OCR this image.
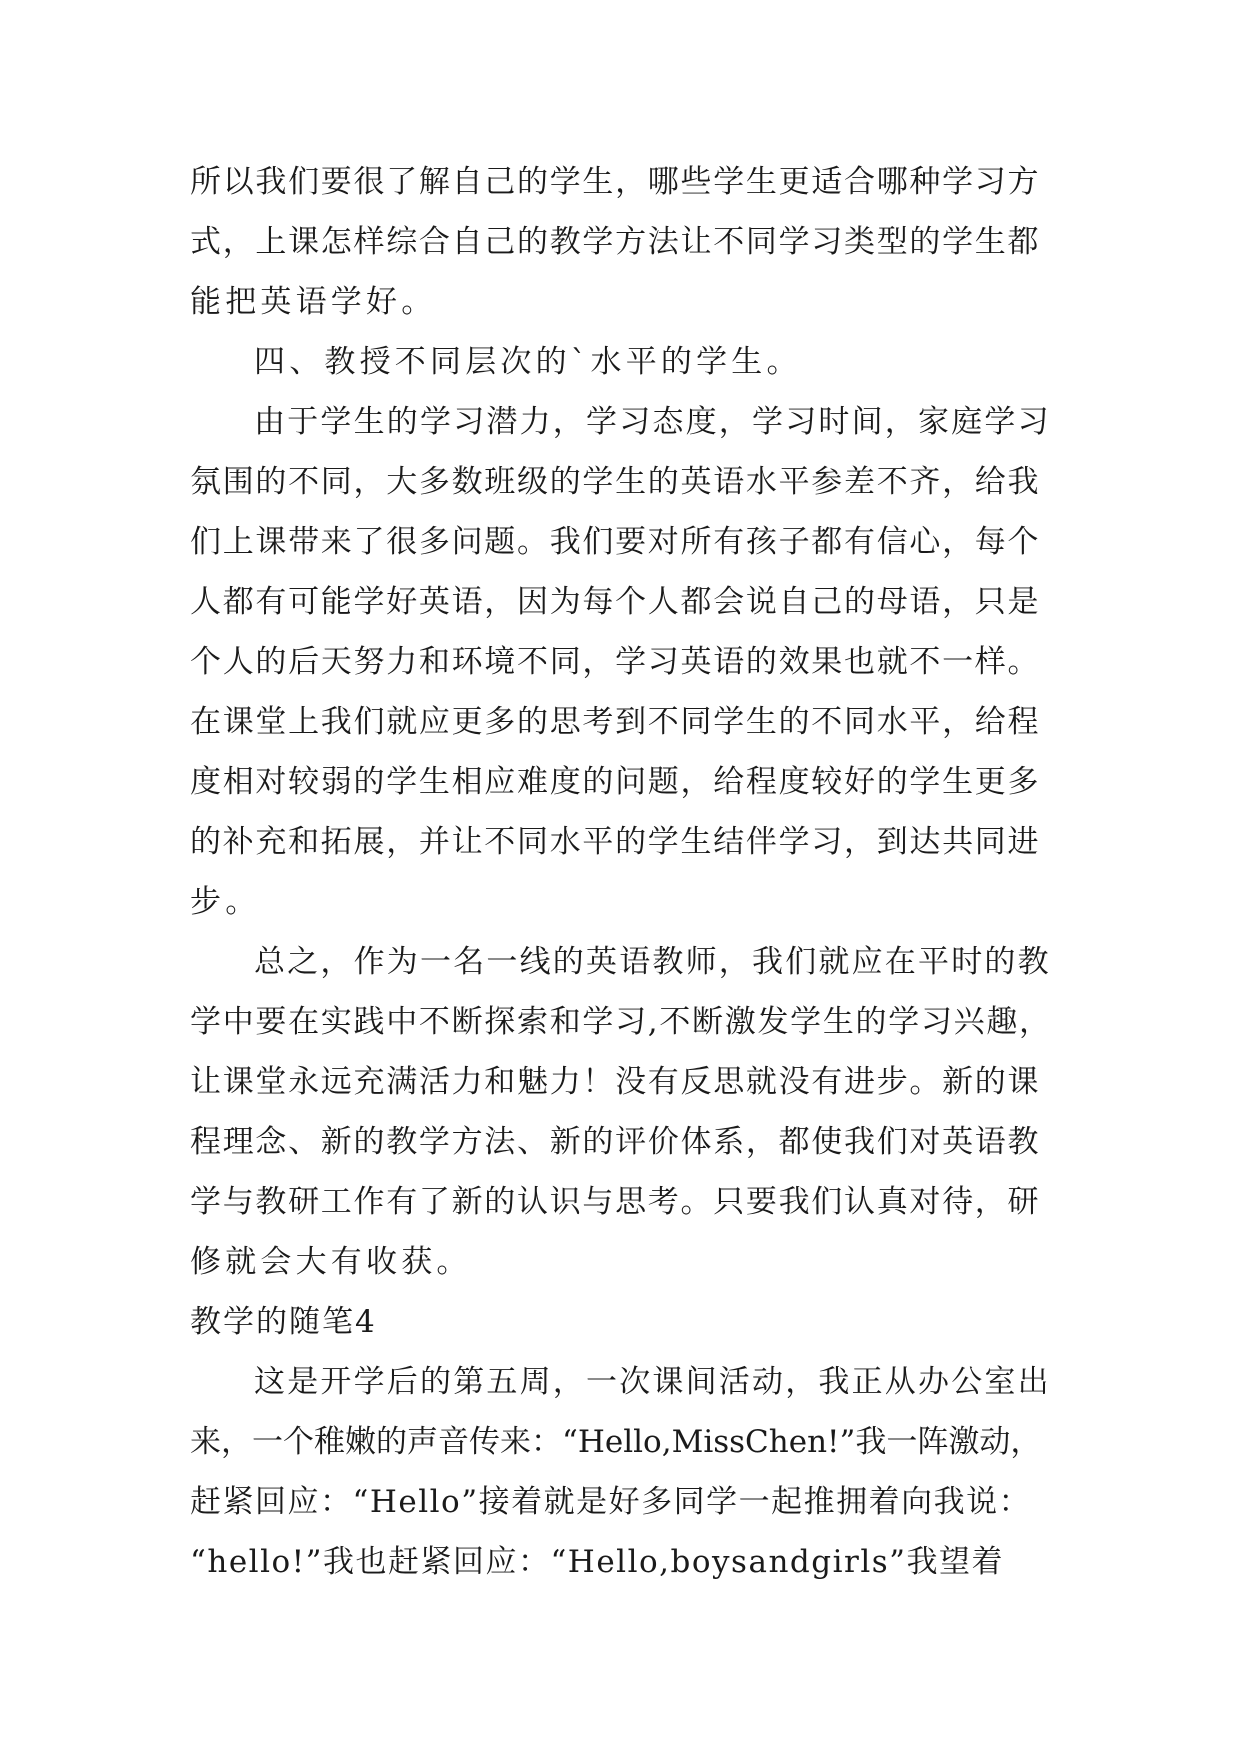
所以我们要很了解自己的学生，哪些学生更适合哪种学习方
式，上课怎样综合自己的教学方法让不同学习类型的学生都
能把英语学好。
四、教授不同层次的`水平的学生。
由于学生的学习潜力，学习态度，学习时间，家庭学习
氛围的不同，大多数班级的学生的英语水平参差不齐，给我
们上课带来了很多问题。我们要对所有孩子都有信心，每个
人都有可能学好英语，因为每个人都会说自己的母语，只是
个人的后天努力和环境不同，学习英语的效果也就不一样。
在课堂上我们就应更多的思考到不同学生的不同水平，给程
度相对较弱的学生相应难度的问题，给程度较好的学生更多
的补充和拓展，并让不同水平的学生结伴学习，到达共同进
步。
总之，作为一名一线的英语教师，我们就应在平时的教
学中要在实践中不断探索和学习,不断激发学生的学习兴趣，
让课堂永远充满活力和魅力！没有反思就没有进步。新的课
程理念、新的教学方法、新的评价体系，都使我们对英语教
学与教研工作有了新的认识与思考。只要我们认真对待，研
修就会大有收获。
教学的随笔4
这是开学后的第五周，一次课间活动，我正从办公室出
来，一个稚嫩的声音传来：“Hello,MissChen!”我一阵激动，
赶紧回应：“Hello”接着就是好多同学一起推拥着向我说：
“hello!”我也赶紧回应：“Hello,boysandgirls”我望着
